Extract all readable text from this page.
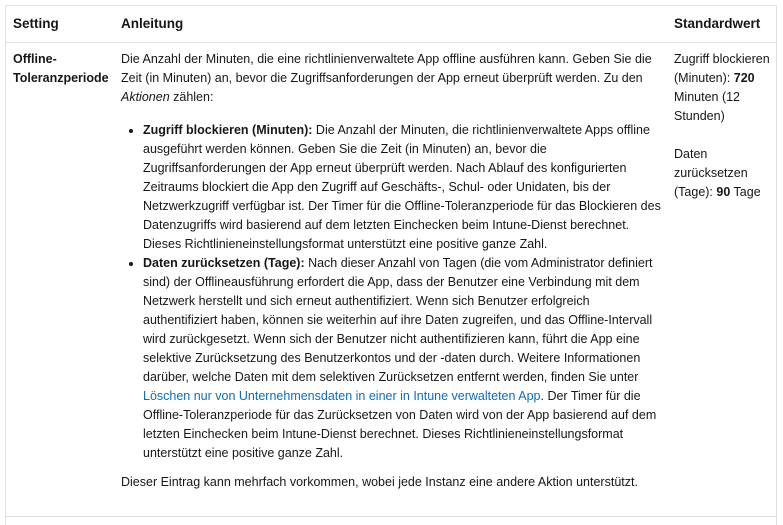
Setting	Anleitung	Standardwert
Offline-
Toleranzperiode

Die Anzahl der Minuten, die eine richtlinienverwaltete App offline ausführen kann. Geben Sie die Zeit (in Minuten) an, bevor die Zugriffsanforderungen der App erneut überprüft werden. Zu den Aktionen zählen:

• Zugriff blockieren (Minuten): Die Anzahl der Minuten, die richtlinienverwaltete Apps offline ausgeführt werden können. Geben Sie die Zeit (in Minuten) an, bevor die Zugriffsanforderungen der App erneut überprüft werden. Nach Ablauf des konfigurierten Zeitraums blockiert die App den Zugriff auf Geschäfts-, Schul- oder Unidaten, bis der Netzwerkzugriff verfügbar ist. Der Timer für die Offline-Toleranzperiode für das Blockieren des Datenzugriffs wird basierend auf dem letzten Einchecken beim Intune-Dienst berechnet. Dieses Richtlinieneinstellungsformat unterstützt eine positive ganze Zahl.
• Daten zurücksetzen (Tage): Nach dieser Anzahl von Tagen (die vom Administrator definiert sind) der Offlineausführung erfordert die App, dass der Benutzer eine Verbindung mit dem Netzwerk herstellt und sich erneut authentifiziert. Wenn sich Benutzer erfolgreich authentifiziert haben, können sie weiterhin auf ihre Daten zugreifen, und das Offline-Intervall wird zurückgesetzt. Wenn sich der Benutzer nicht authentifizieren kann, führt die App eine selektive Zurücksetzung des Benutzerkontos und der -daten durch. Weitere Informationen darüber, welche Daten mit dem selektiven Zurücksetzen entfernt werden, finden Sie unter Löschen nur von Unternehmensdaten in einer in Intune verwalteten App. Der Timer für die Offline-Toleranzperiode für das Zurücksetzen von Daten wird von der App basierend auf dem letzten Einchecken beim Intune-Dienst berechnet. Dieses Richtlinieneinstellungsformat unterstützt eine positive ganze Zahl.

Dieser Eintrag kann mehrfach vorkommen, wobei jede Instanz eine andere Aktion unterstützt.

Zugriff blockieren (Minuten): 720 Minuten (12 Stunden)
Daten zurücksetzen (Tage): 90 Tage
